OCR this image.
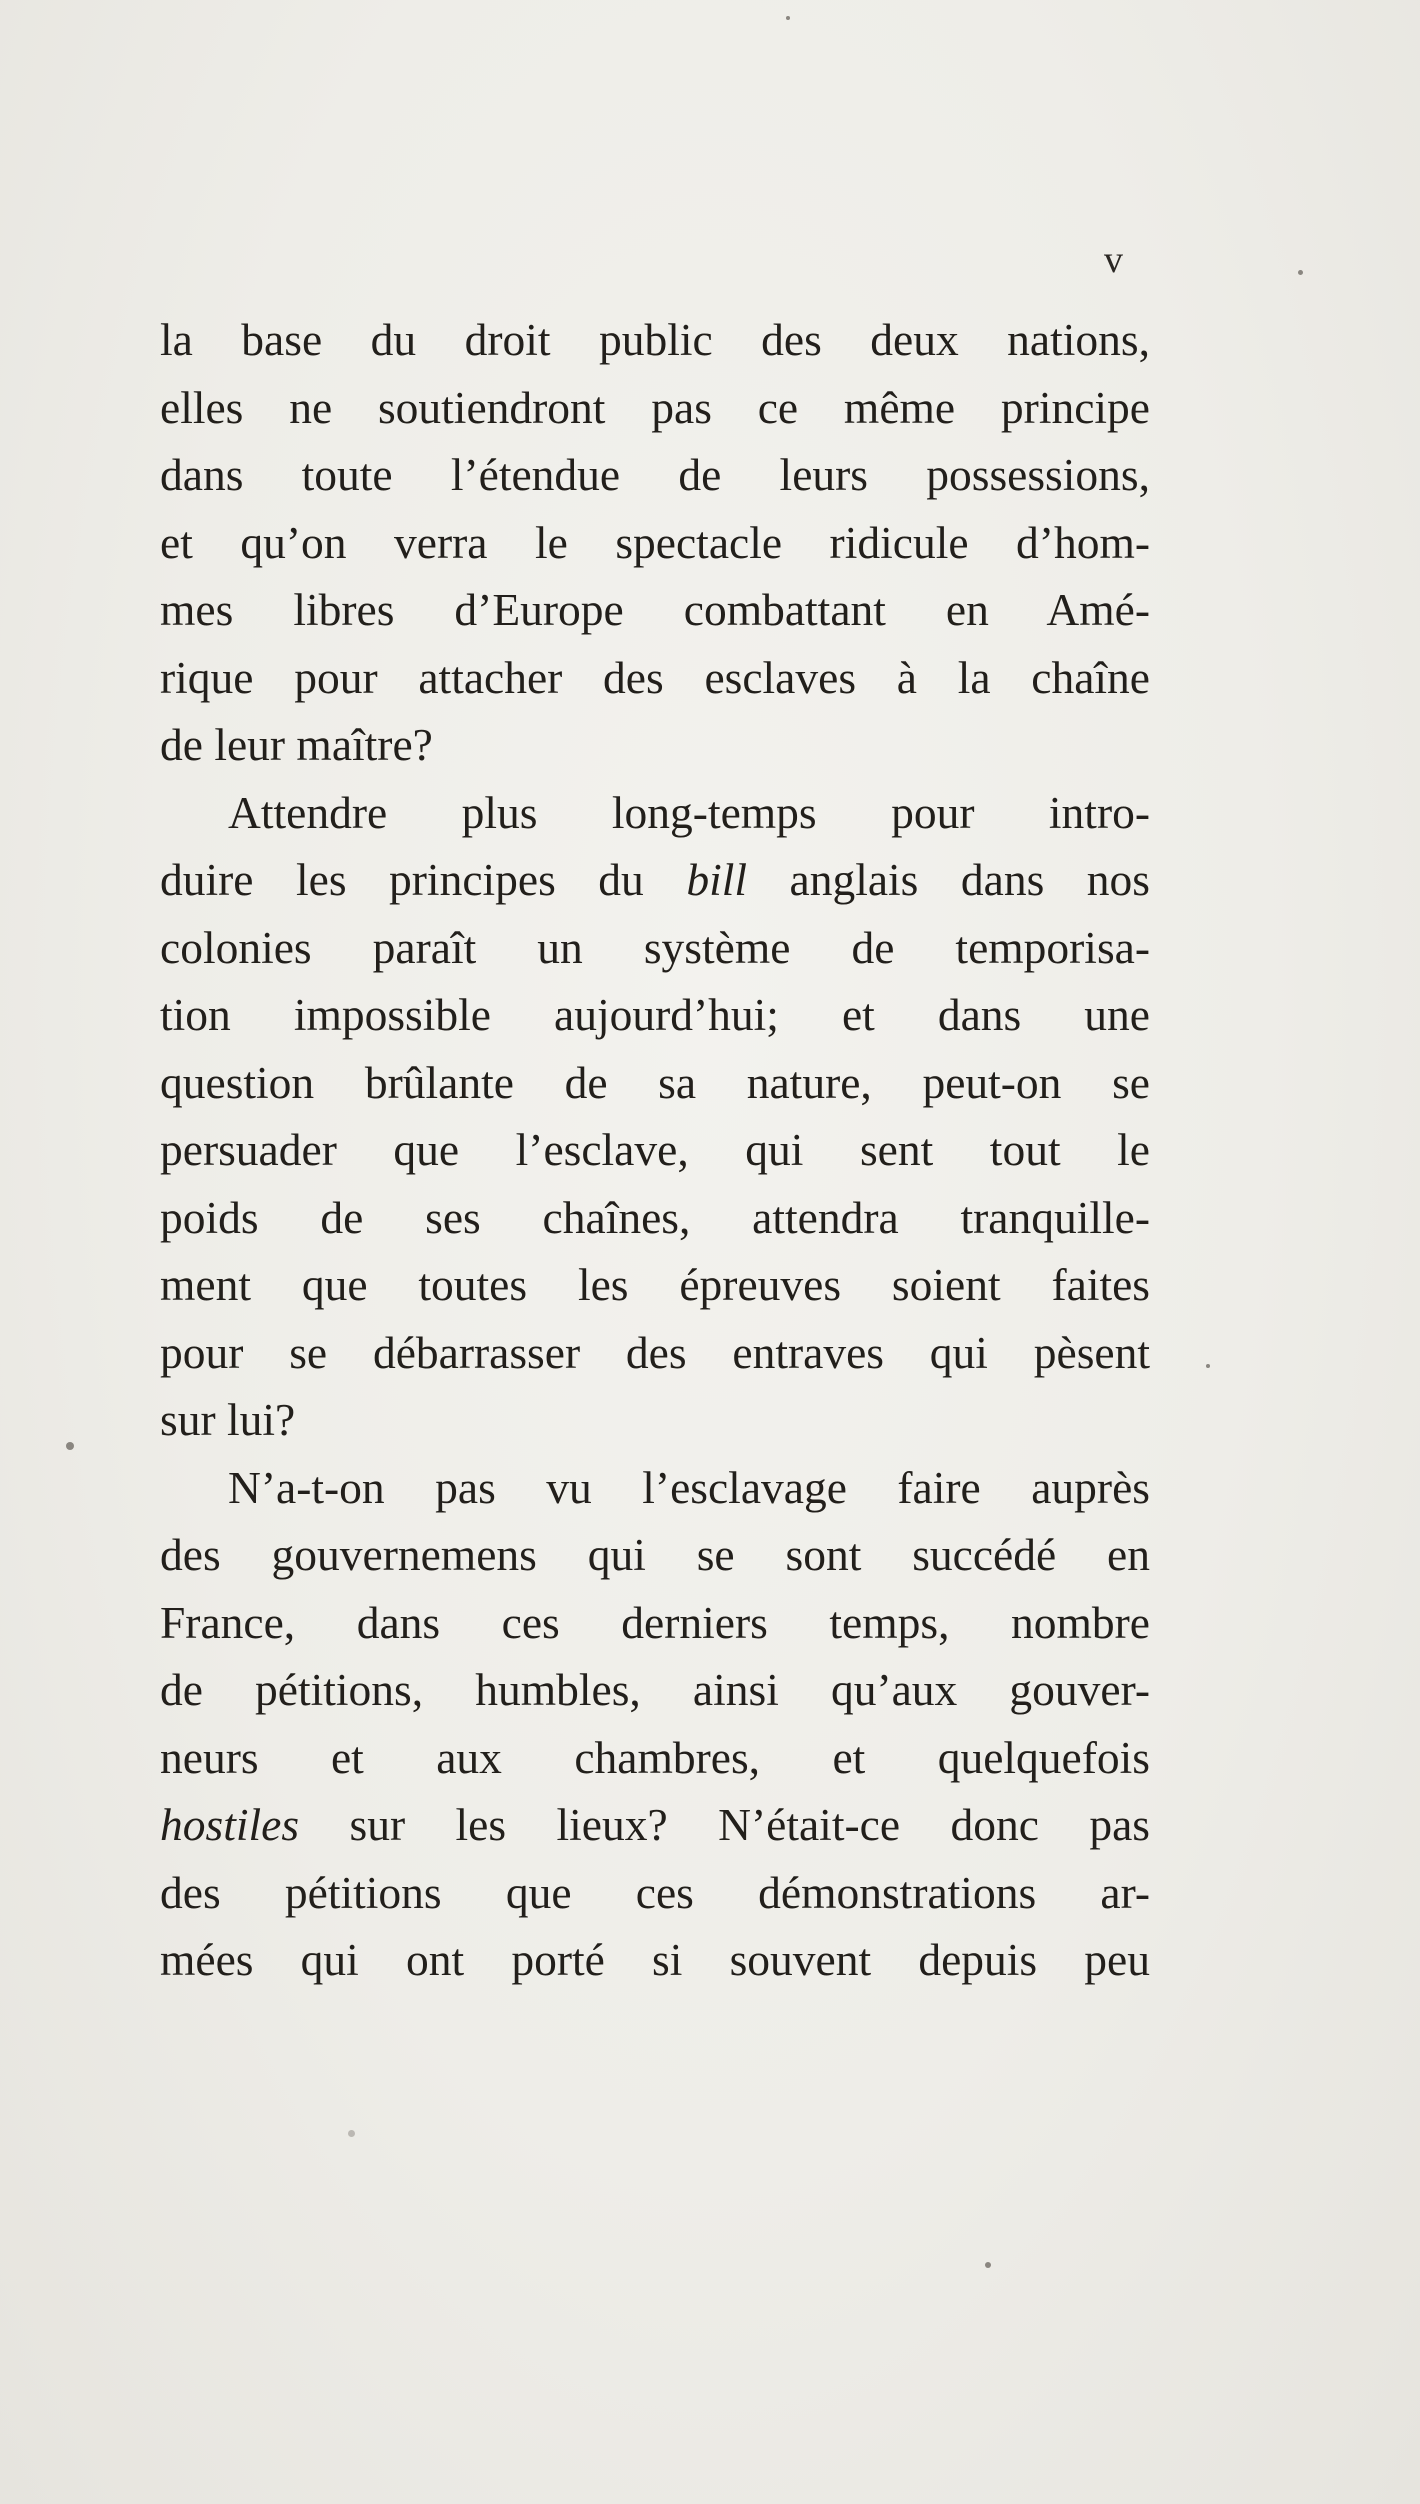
v
la base du droit public des deux nations,
elles ne soutiendront pas ce même principe
dans toute l’étendue de leurs possessions,
et qu’on verra le spectacle ridicule d’hom-
mes libres d’Europe combattant en Amé-
rique pour attacher des esclaves à la chaîne
de leur maître?
Attendre plus long-temps pour intro-
duire les principes du bill anglais dans nos
colonies paraît un système de temporisa-
tion impossible aujourd’hui; et dans une
question brûlante de sa nature, peut-on se
persuader que l’esclave, qui sent tout le
poids de ses chaînes, attendra tranquille-
ment que toutes les épreuves soient faites
pour se débarrasser des entraves qui pèsent
sur lui?
N’a-t-on pas vu l’esclavage faire auprès
des gouvernemens qui se sont succédé en
France, dans ces derniers temps, nombre
de pétitions, humbles, ainsi qu’aux gouver-
neurs et aux chambres, et quelquefois
hostiles sur les lieux? N’était-ce donc pas
des pétitions que ces démonstrations ar-
mées qui ont porté si souvent depuis peu
